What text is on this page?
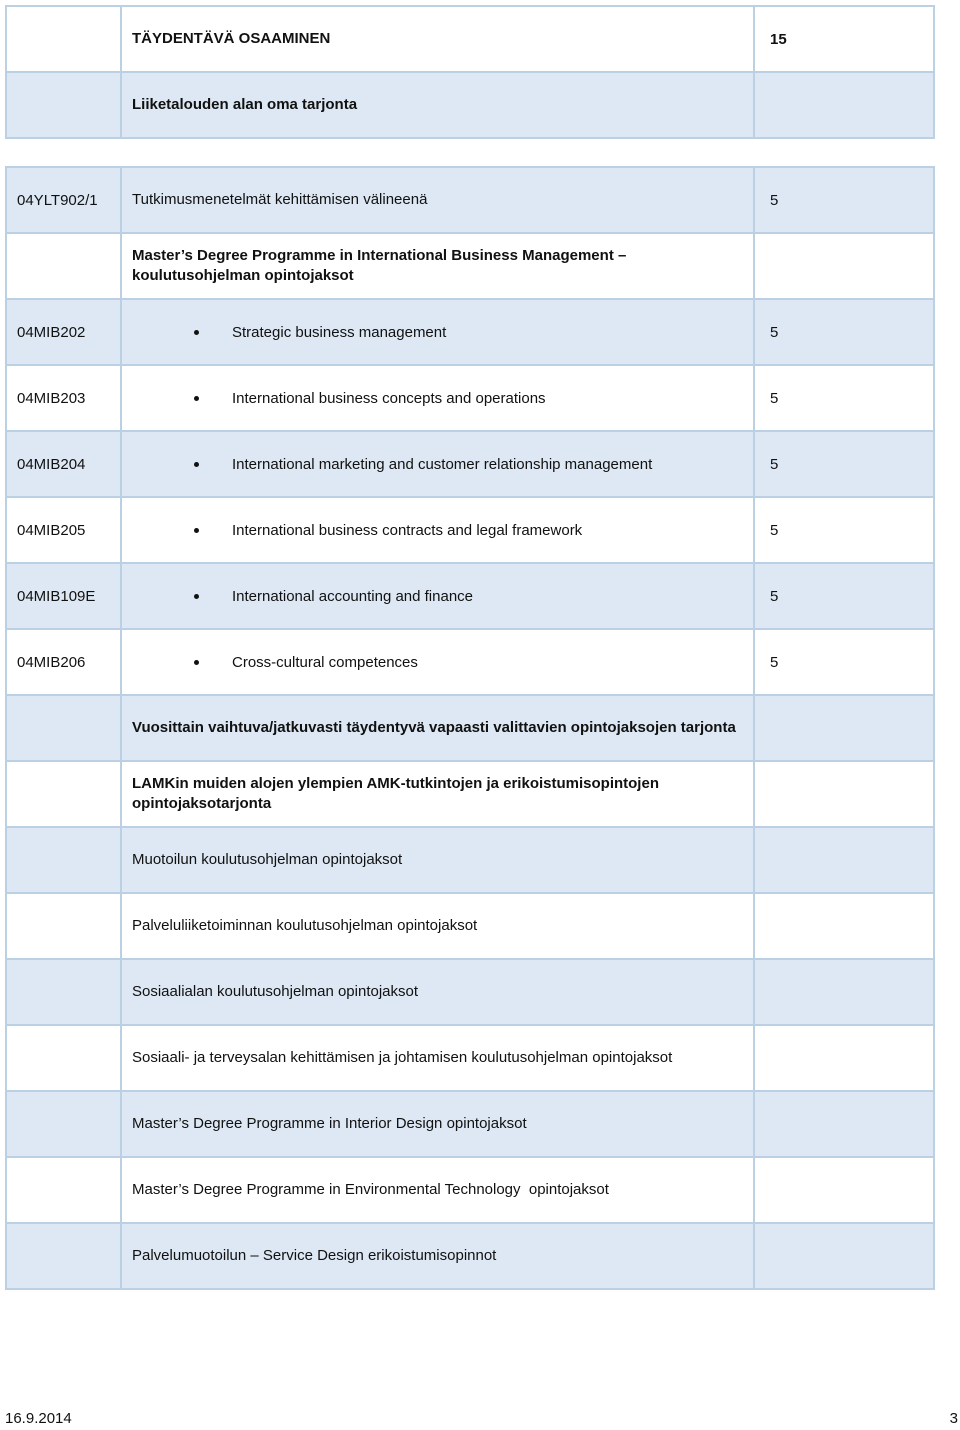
	TÄYDENTÄVÄ OSAAMINEN	15
	Liiketalouden alan oma tarjonta	
04YLT902/1	Tutkimusmenetelmät kehittämisen välineenä	5
	Master’s Degree Programme in International Business Management – koulutusohjelman opintojaksot	
04MIB202	Strategic business management	5
04MIB203	International business concepts and operations	5
04MIB204	International marketing and customer relationship management	5
04MIB205	International business contracts and legal framework	5
04MIB109E	International accounting and finance	5
04MIB206	Cross-cultural competences	5
	Vuosittain vaihtuva/jatkuvasti täydentyvä vapaasti valittavien opintojaksojen tarjonta	
	LAMKin muiden alojen ylempien AMK-tutkintojen ja erikoistumisopintojen opintojaksotarjonta	
	Muotoilun koulutusohjelman opintojaksot	
	Palveluliiketoiminnan koulutusohjelman opintojaksot	
	Sosiaalialan koulutusohjelman opintojaksot	
	Sosiaali- ja terveysalan kehittämisen ja johtamisen koulutusohjelman opintojaksot	
	Master’s Degree Programme in Interior Design opintojaksot	
	Master’s Degree Programme in Environmental Technology  opintojaksot	
	Palvelumuotoilun – Service Design erikoistumisopinnot	
16.9.2014	3
